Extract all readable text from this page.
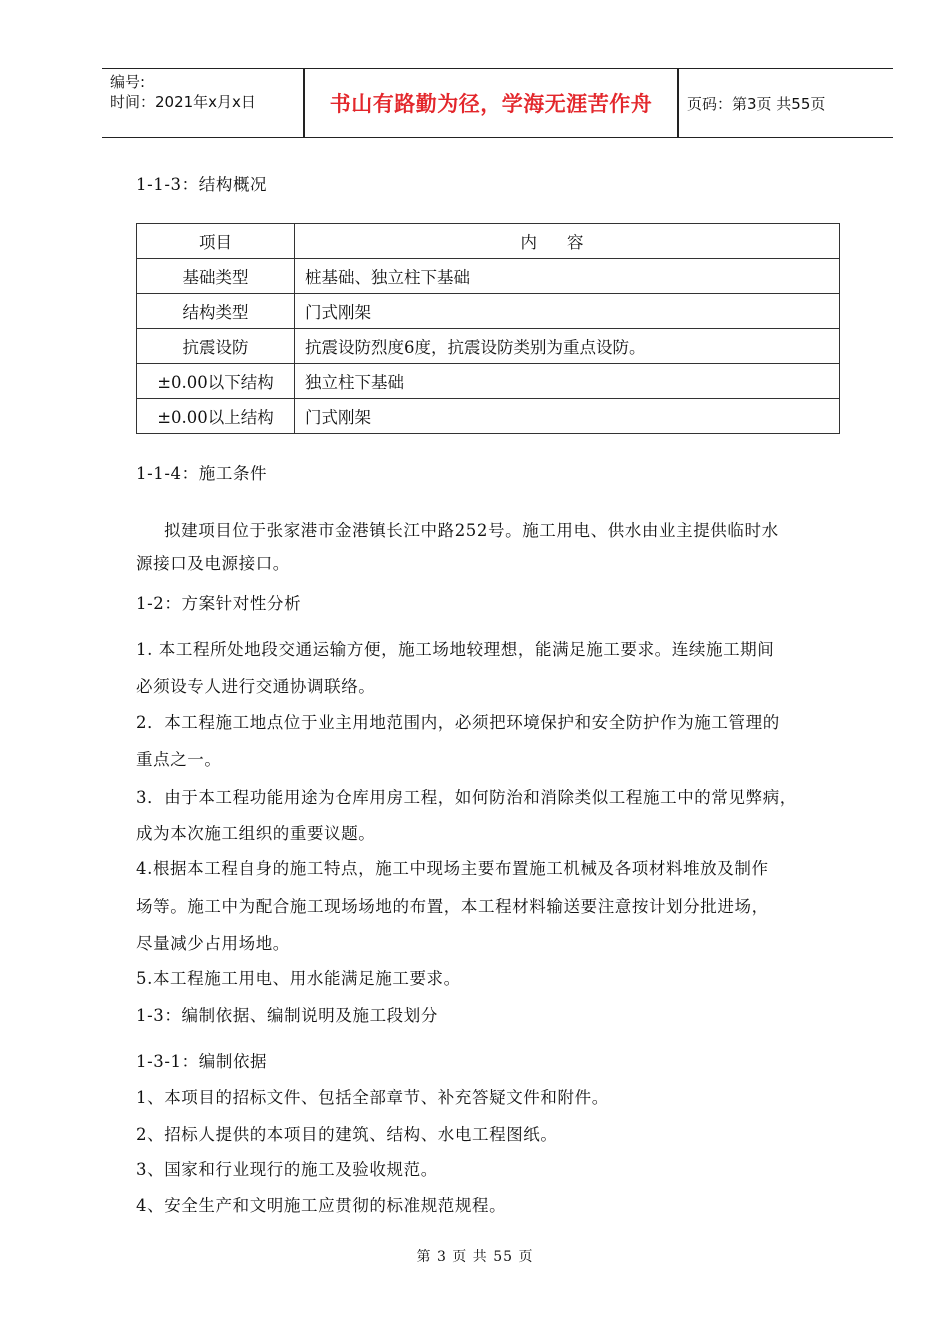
编号:
时间：2021年x月x日	书山有路勤为径，学海无涯苦作舟	页码：第3页 共55页
1-1-3：结构概况
项目	内容
基础类型	桩基础、独立柱下基础
结构类型	门式刚架
抗震设防	抗震设防烈度6度，抗震设防类别为重点设防。
±0.00以下结构	独立柱下基础
±0.00以上结构	门式刚架
1-1-4：施工条件
拟建项目位于张家港市金港镇长江中路252号。施工用电、供水由业主提供临时水
源接口及电源接口。
1-2：方案针对性分析
1. 本工程所处地段交通运输方便，施工场地较理想，能满足施工要求。连续施工期间
必须设专人进行交通协调联络。
2．本工程施工地点位于业主用地范围内，必须把环境保护和安全防护作为施工管理的
重点之一。
3．由于本工程功能用途为仓库用房工程，如何防治和消除类似工程施工中的常见弊病，
成为本次施工组织的重要议题。
4.根据本工程自身的施工特点，施工中现场主要布置施工机械及各项材料堆放及制作
场等。施工中为配合施工现场场地的布置，本工程材料输送要注意按计划分批进场，
尽量减少占用场地。
5.本工程施工用电、用水能满足施工要求。
1-3：编制依据、编制说明及施工段划分
1-3-1：编制依据
1、本项目的招标文件、包括全部章节、补充答疑文件和附件。
2、招标人提供的本项目的建筑、结构、水电工程图纸。
3、国家和行业现行的施工及验收规范。
4、安全生产和文明施工应贯彻的标准规范规程。
第 3 页 共 55 页
